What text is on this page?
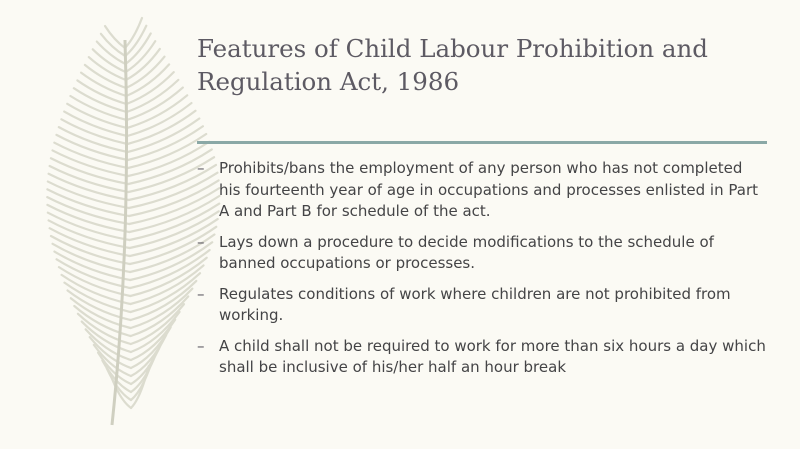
Features of Child Labour Prohibition and Regulation Act, 1986
– Prohibits/bans the employment of any person who has not completed his fourteenth year of age in occupations and processes enlisted in Part A and Part B for schedule of the act.
– Lays down a procedure to decide modifications to the schedule of banned occupations or processes.
– Regulates conditions of work where children are not prohibited from working.
– A child shall not be required to work for more than six hours a day which shall be inclusive of his/her half an hour break
